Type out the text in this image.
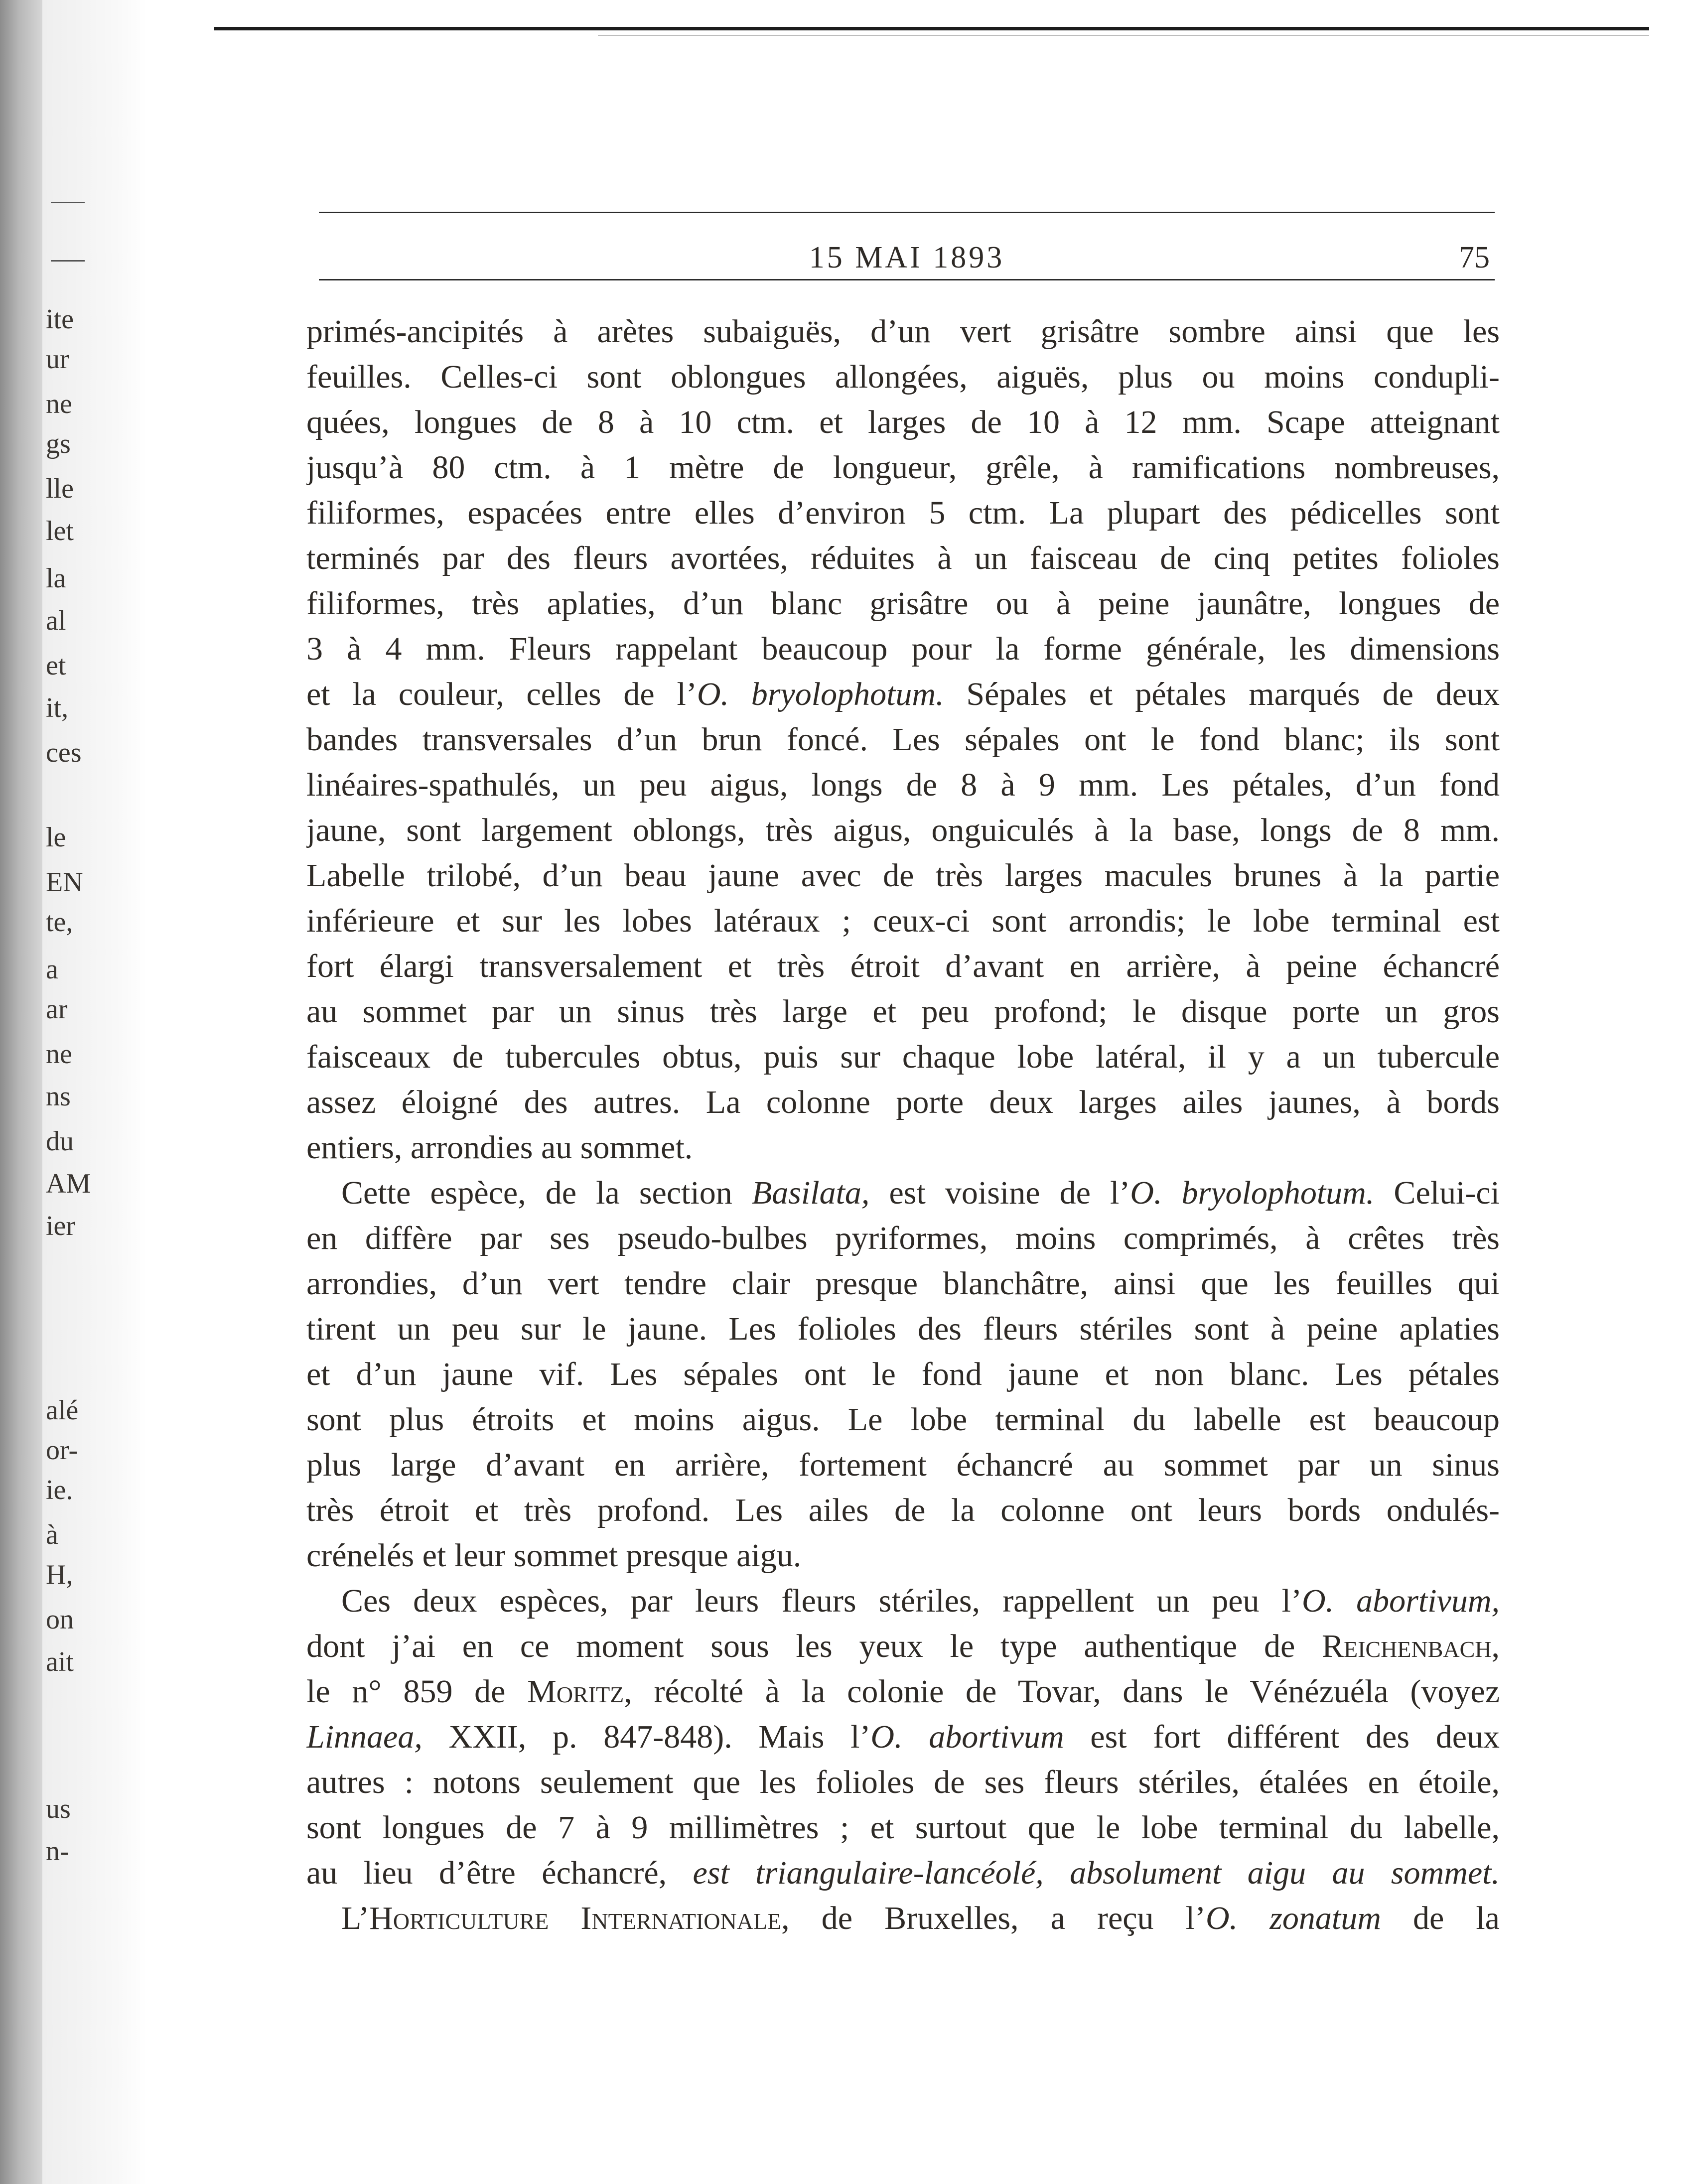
ite
ur
ne
gs
lle
let
la
al
et
it,
ces
le
EN
te,
a
ar
ne
ns
du
AM
ier
alé
or-
ie.
à
H,
on
ait
us
n-
15 MAI 1893	75
primés-ancipités à arètes subaiguës, d’un vert grisâtre sombre ainsi que les
feuilles. Celles-ci sont oblongues allongées, aiguës, plus ou moins condupli-
quées, longues de 8 à 10 ctm. et larges de 10 à 12 mm. Scape atteignant
jusqu’à 80 ctm. à 1 mètre de longueur, grêle, à ramifications nombreuses,
filiformes, espacées entre elles d’environ 5 ctm. La plupart des pédicelles sont
terminés par des fleurs avortées, réduites à un faisceau de cinq petites folioles
filiformes, très aplaties, d’un blanc grisâtre ou à peine jaunâtre, longues de
3 à 4 mm. Fleurs rappelant beaucoup pour la forme générale, les dimensions
et la couleur, celles de l’O. bryolophotum. Sépales et pétales marqués de deux
bandes transversales d’un brun foncé. Les sépales ont le fond blanc; ils sont
linéaires-spathulés, un peu aigus, longs de 8 à 9 mm. Les pétales, d’un fond
jaune, sont largement oblongs, très aigus, onguiculés à la base, longs de 8 mm.
Labelle trilobé, d’un beau jaune avec de très larges macules brunes à la partie
inférieure et sur les lobes latéraux ; ceux-ci sont arrondis; le lobe terminal est
fort élargi transversalement et très étroit d’avant en arrière, à peine échancré
au sommet par un sinus très large et peu profond; le disque porte un gros
faisceaux de tubercules obtus, puis sur chaque lobe latéral, il y a un tubercule
assez éloigné des autres. La colonne porte deux larges ailes jaunes, à bords
entiers, arrondies au sommet.
Cette espèce, de la section Basilata, est voisine de l’O. bryolophotum. Celui-ci
en diffère par ses pseudo-bulbes pyriformes, moins comprimés, à crêtes très
arrondies, d’un vert tendre clair presque blanchâtre, ainsi que les feuilles qui
tirent un peu sur le jaune. Les folioles des fleurs stériles sont à peine aplaties
et d’un jaune vif. Les sépales ont le fond jaune et non blanc. Les pétales
sont plus étroits et moins aigus. Le lobe terminal du labelle est beaucoup
plus large d’avant en arrière, fortement échancré au sommet par un sinus
très étroit et très profond. Les ailes de la colonne ont leurs bords ondulés-
crénelés et leur sommet presque aigu.
Ces deux espèces, par leurs fleurs stériles, rappellent un peu l’O. abortivum,
dont j’ai en ce moment sous les yeux le type authentique de Reichenbach,
le n° 859 de Moritz, récolté à la colonie de Tovar, dans le Vénézuéla (voyez
Linnaea, XXII, p. 847-848). Mais l’O. abortivum est fort différent des deux
autres : notons seulement que les folioles de ses fleurs stériles, étalées en étoile,
sont longues de 7 à 9 millimètres ; et surtout que le lobe terminal du labelle,
au lieu d’être échancré, est triangulaire-lancéolé, absolument aigu au sommet.
L’Horticulture Internationale, de Bruxelles, a reçu l’O. zonatum de la
